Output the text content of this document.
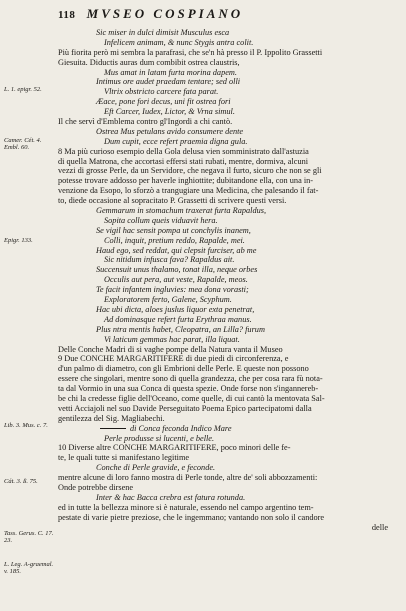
118 MVSEO COSPIANO
L. 1. epigr. 52.
Camer. Cét. 4. Embl. 60.
Epigr. 133.
Lib. 3. Mus. c. 7.
Cát. 3. ß. 75.
Tass. Gerus. C. 17. 23.
L. Leg. A-graemal. v. 185.
Sic miser in dulci dimisit Musculus esca
Infelicem animam, & nunc Stygis antra colit.
Più fiorita però mi sembra la parafrasi, che se'n hà presso il P. Ippolito Grassetti
Giesuita. Diductis auras dum combibit ostrea claustris,
Mus amat in latam furta morina dapem.
Intimus ore audet praedam tentare; sed olli
Vltrix obstricto carcere fata parat.
Æace, pone fori decus, uni fit ostrea fori
Eft Carcer, Iudex, Lictor, & Vrna simul.
Il che servì d'Emblema contro gl'Ingordi a chi cantò.
Ostrea Mus petulans avido consumere dente
Dum cupit, ecce refert praemia digna gula.
8 Ma più curioso esempio della Gola delusa vien somministrato dall'astuzia
di quella Matrona, che accortasi effersi stati rubati, mentre, dormiva, alcuni
vezzi di grosse Perle, da un Servidore, che negava il furto, sicuro che non se gli
potesse trovare addosso per haverle inghiottite; dubitandone ella, con una in-
venzione da Esopo, lo sforzò a trangugiare una Medicina, che palesando il fat-
to, diede occasione al sopracitato P. Grassetti di scrivere questi versi.
Gemmarum in stomachum traxerat furta Rapaldus,
Sopita collum queis viduavit hera.
Se vigil hac sensit pompa ut conchylis inanem,
Colli, inquit, pretium reddo, Rapalde, mei.
Haud ego, sed reddat, qui clepsit furciser, ab me
Sic nitidum infusca fava? Rapaldus ait.
Succensuit unus thalamo, tonat illa, neque orbes
Occulis aut pera, aut veste, Rapalde, meos.
Te facit infantem ingluvies: mea dona vorasti;
Exploratorem ferto, Galene, Scyphum.
Hac ubi dicta, aloes juslus liquor exta penetrat,
Ad dominasque refert furta Erythraa manus.
Plus ntra mentis habet, Cleopatra, an Lilla? furum
Vi laticum gemmas hac parat, illa liquat.
Delle Conche Madri di si vaghe pompe della Natura vanta il Museo
9 Due CONCHE MARGARITIFERE di due piedi di circonferenza, e
d'un palmo di diametro, con gli Embrioni delle Perle. E queste non possono
essere che singolari, mentre sono di quella grandezza, che per cosa rara fù nota-
ta dal Vormio in una sua Conca di questa spezie. Onde forse non s'ingannereb-
be chi la credesse figlie dell'Oceano, come quelle, di cui cantò la mentovata Sal-
vetti Acciajoli nel suo Davide Perseguitato Poema Epico partecipatomi dalla
gentilezza del Sig. Magliabechi.
di Conca feconda Indico Mare
Perle produsse si lucenti, e belle.
10 Diverse altre CONCHE MARGARITIFERE, poco minori delle fe-
te, le quali tutte si manifestano legitime
Conche di Perle gravide, e feconde.
mentre alcune di loro fanno mostra di Perle tonde, altre de' soli abbozzamenti:
Onde potrebbe dirsene
Inter & hac Bacca crebra est fatura rotunda.
ed in tutte la bellezza minore si è naturale, essendo nel campo argentino tem-
pestate di varie pietre preziose, che le ingemmano; vantando non solo il candore
delle
